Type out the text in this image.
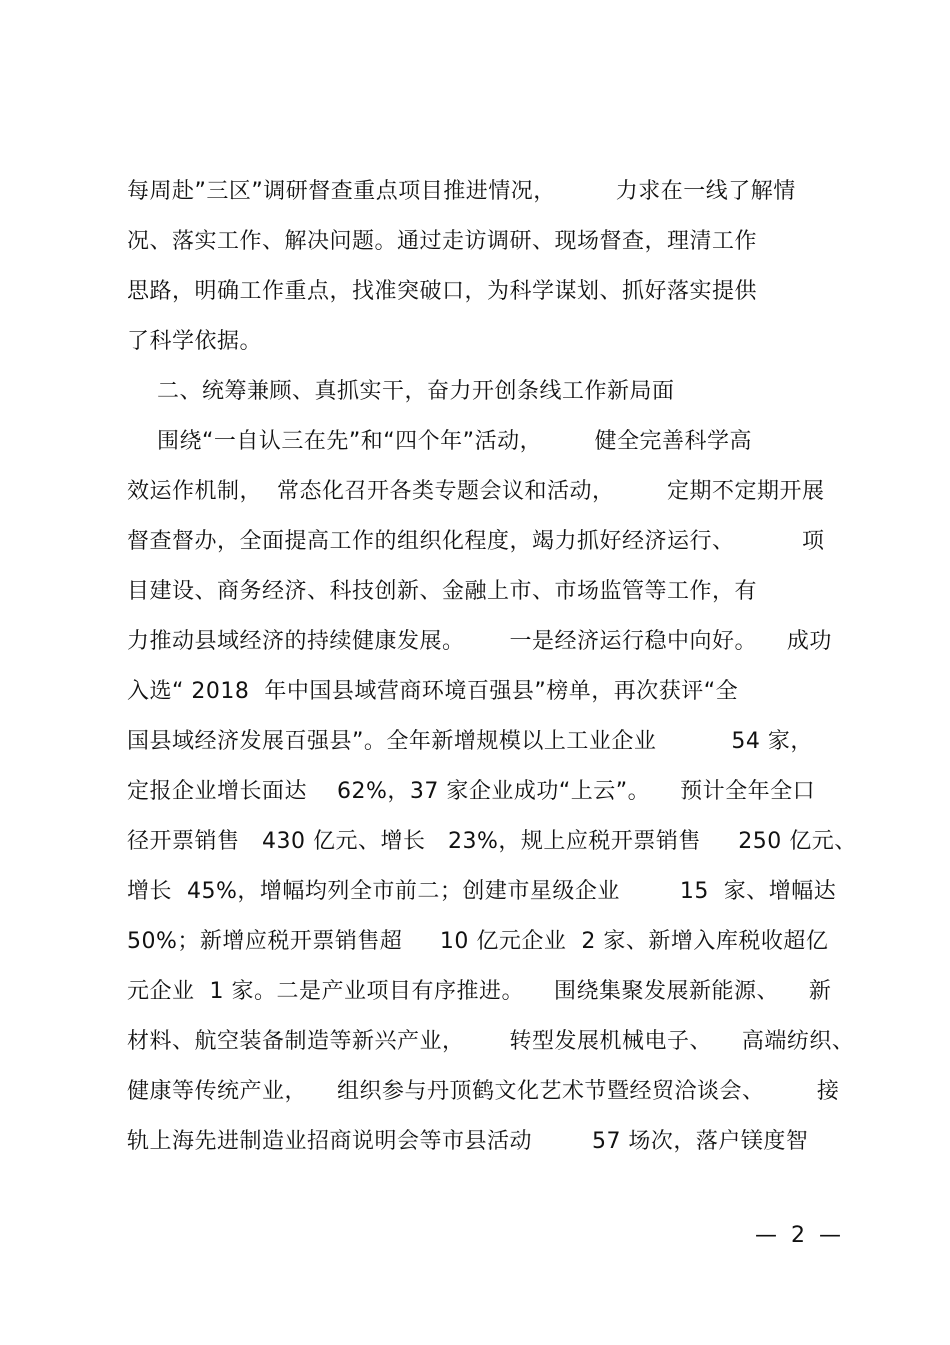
每周赴”三区”调研督查重点项目推进情况，        力求在一线了解情
况、落实工作、解决问题。通过走访调研、现场督查，理清工作
思路，明确工作重点，找准突破口，为科学谋划、抓好落实提供
了科学依据。
二、统筹兼顾、真抓实干，奋力开创条线工作新局面
围绕“一自认三在先”和“四个年”活动，       健全完善科学高
效运作机制，  常态化召开各类专题会议和活动，       定期不定期开展
督查督办，全面提高工作的组织化程度，竭力抓好经济运行、         项
目建设、商务经济、科技创新、金融上市、市场监管等工作，有
力推动县域经济的持续健康发展。      一是经济运行稳中向好。    成功
入选“ 2018  年中国县域营商环境百强县”榜单，再次获评“全
国县域经济发展百强县”。全年新增规模以上工业企业          54 家，
定报企业增长面达    62%，37 家企业成功“上云”。    预计全年全口
径开票销售   430 亿元、增长   23%，规上应税开票销售     250 亿元、
增长  45%，增幅均列全市前二；创建市星级企业        15  家、增幅达
50%；新增应税开票销售超     10 亿元企业  2 家、新增入库税收超亿
元企业  1 家。二是产业项目有序推进。    围绕集聚发展新能源、    新
材料、航空装备制造等新兴产业，      转型发展机械电子、    高端纺织、
健康等传统产业，    组织参与丹顶鹤文化艺术节暨经贸洽谈会、       接
轨上海先进制造业招商说明会等市县活动        57 场次，落户镁度智
—  2  —
